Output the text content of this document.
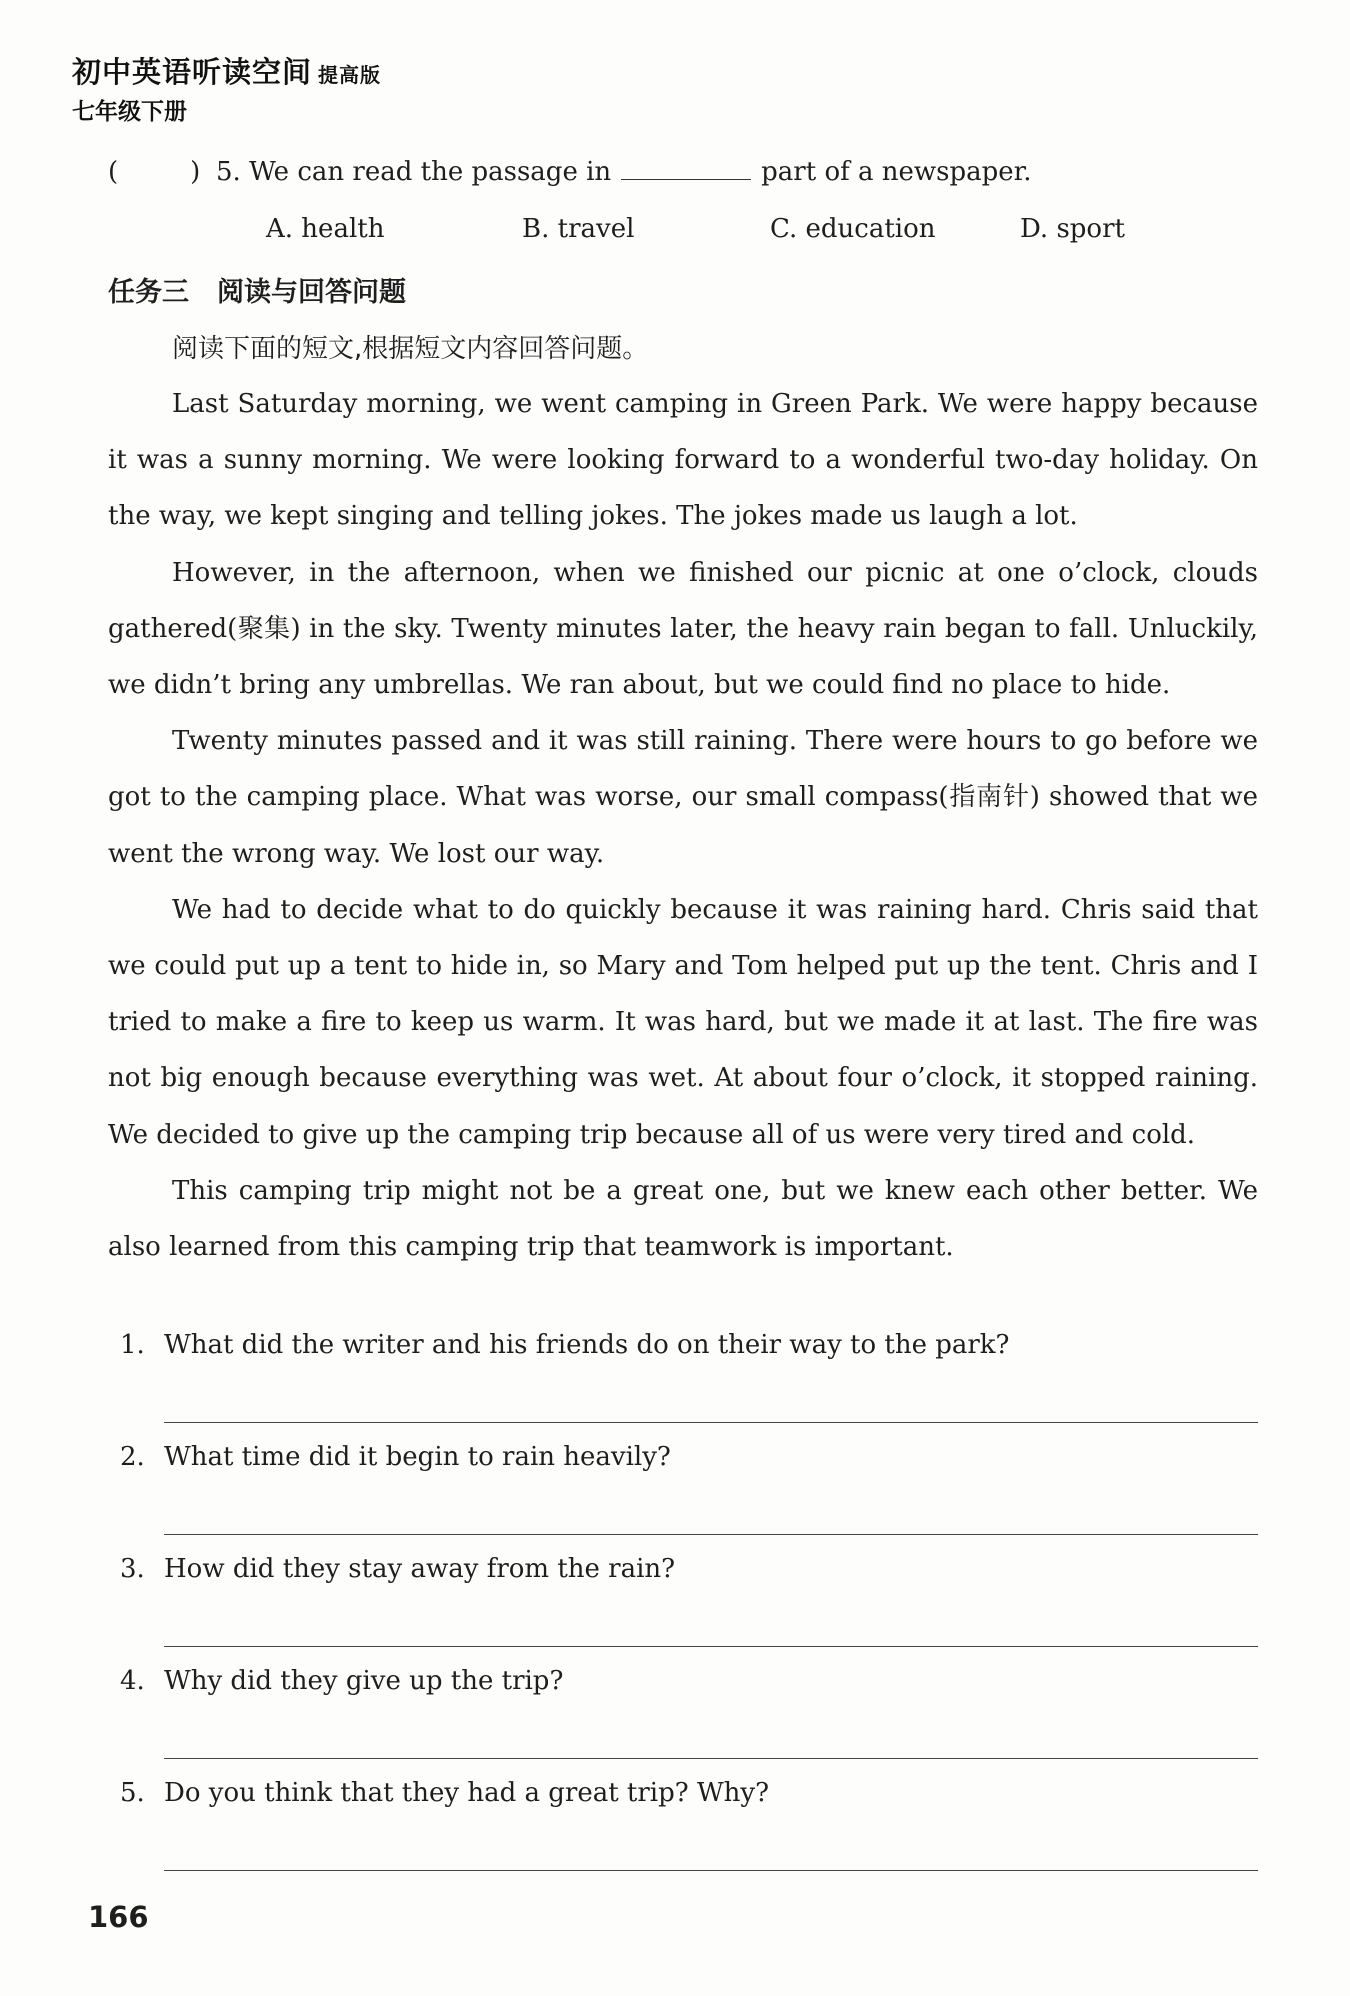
初中英语听读空间 提高版
七年级下册
(	) 5. We can read the passage in	part of a newspaper.
A. health	B. travel	C. education	D. sport
任务三 阅读与回答问题
阅读下面的短文,根据短文内容回答问题。

Last Saturday morning, we went camping in Green Park. We were happy because it was a sunny morning. We were looking forward to a wonderful two-day holiday. On the way, we kept singing and telling jokes. The jokes made us laugh a lot.

However, in the afternoon, when we finished our picnic at one o’clock, clouds gathered(聚集) in the sky. Twenty minutes later, the heavy rain began to fall. Unluckily, we didn’t bring any umbrellas. We ran about, but we could find no place to hide.

Twenty minutes passed and it was still raining. There were hours to go before we got to the camping place. What was worse, our small compass(指南针) showed that we went the wrong way. We lost our way.

We had to decide what to do quickly because it was raining hard. Chris said that we could put up a tent to hide in, so Mary and Tom helped put up the tent. Chris and I tried to make a fire to keep us warm. It was hard, but we made it at last. The fire was not big enough because everything was wet. At about four o’clock, it stopped raining. We decided to give up the camping trip because all of us were very tired and cold.

This camping trip might not be a great one, but we knew each other better. We also learned from this camping trip that teamwork is important.

1. What did the writer and his friends do on their way to the park?
2. What time did it begin to rain heavily?
3. How did they stay away from the rain?
4. Why did they give up the trip?
5. Do you think that they had a great trip? Why?
166
